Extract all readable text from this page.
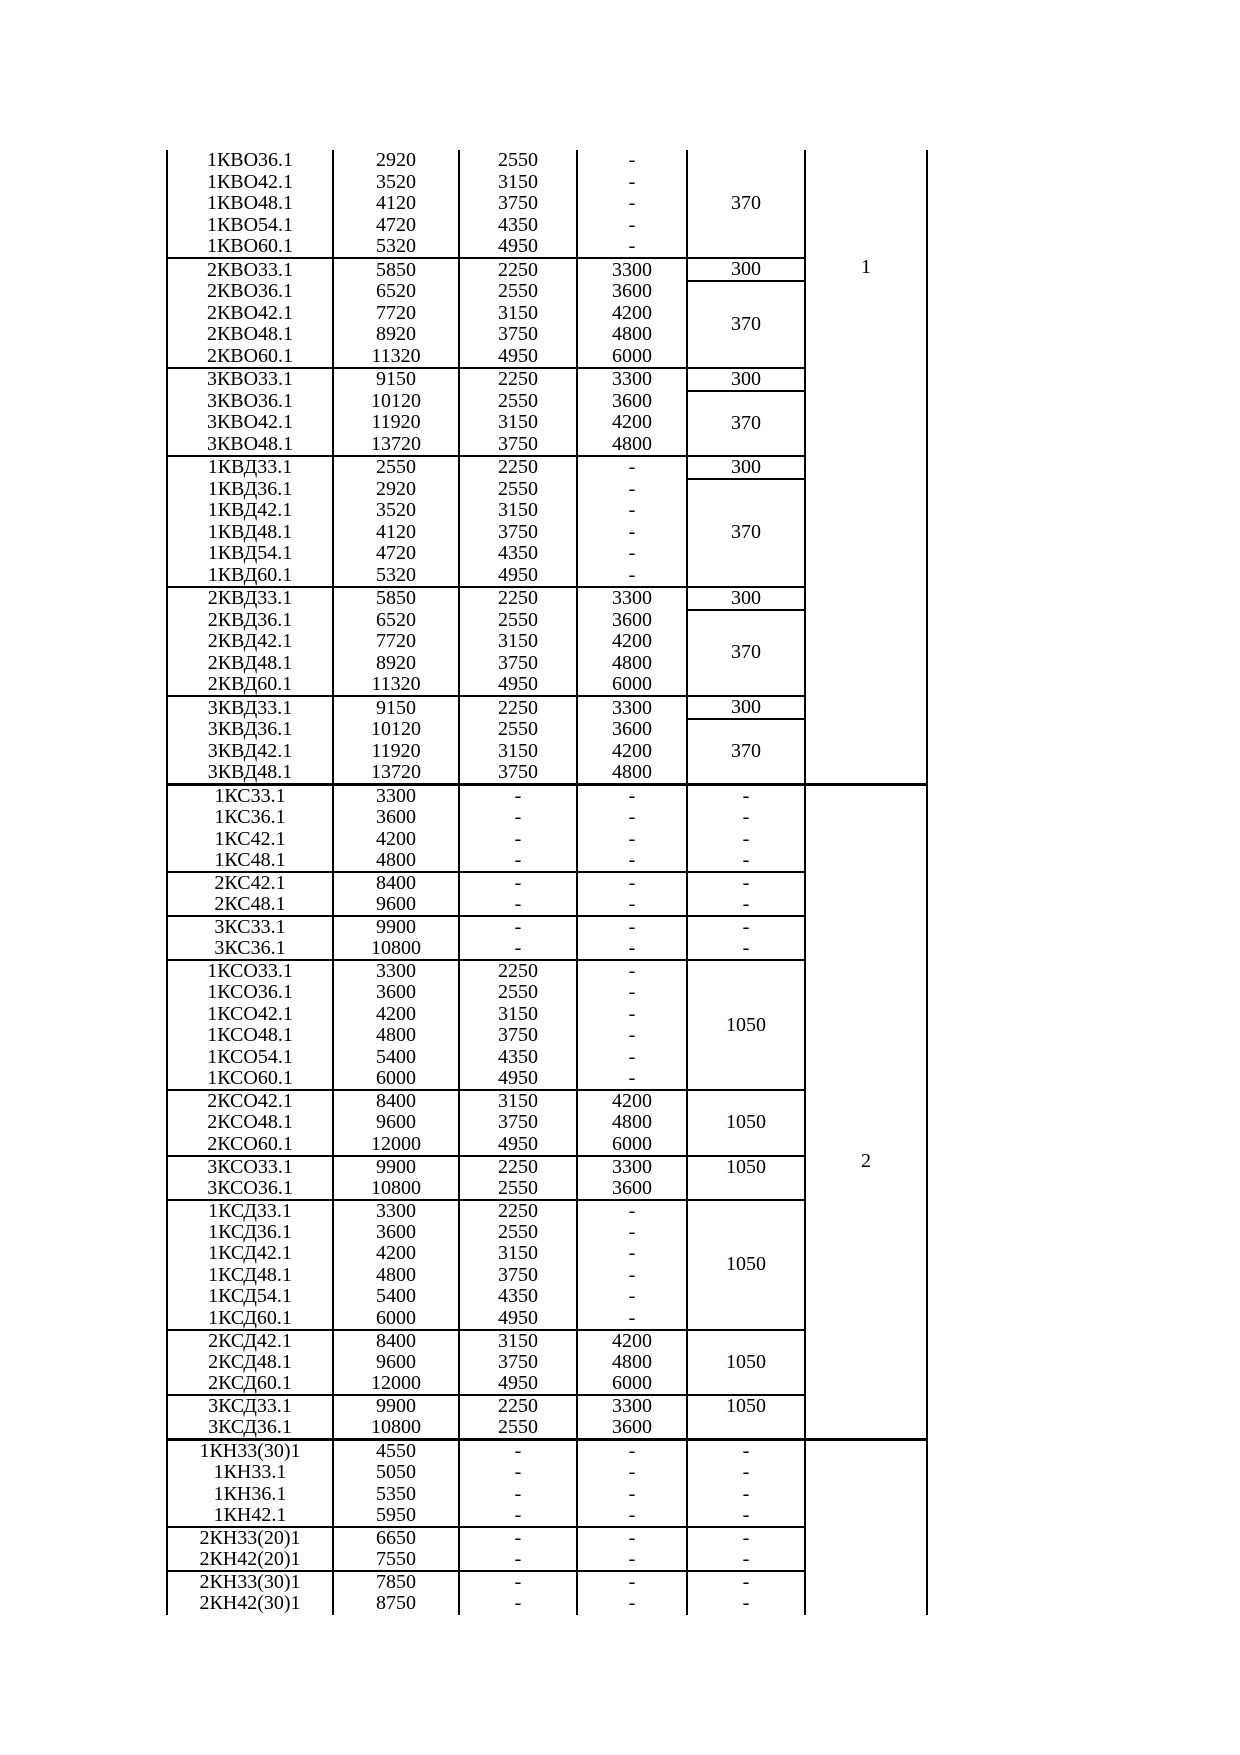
1КВО36.1	2920	2550	-	370	1

1КВО42.1	3520	3150	-		
1КВО48.1	4120	3750	-		
1КВО54.1	4720	4350	-		
1КВО60.1	5320	4950	-		
2КВО33.1	5850	2250	3300	300	
2КВО36.1	6520	2550	3600	370	
2КВО42.1	7720	3150	4200		
2КВО48.1	8920	3750	4800		
2КВО60.1	11320	4950	6000		
3КВО33.1	9150	2250	3300	300	
3КВО36.1	10120	2550	3600	370	
3КВО42.1	11920	3150	4200		
3КВО48.1	13720	3750	4800		
1КВД33.1	2550	2250	-	300	
1КВД36.1	2920	2550	-	370	
1КВД42.1	3520	3150	-		
1КВД48.1	4120	3750	-		
1КВД54.1	4720	4350	-		
1КВД60.1	5320	4950	-		
2КВД33.1	5850	2250	3300	300	
2КВД36.1	6520	2550	3600	370	
2КВД42.1	7720	3150	4200		
2КВД48.1	8920	3750	4800		
2КВД60.1	11320	4950	6000		
3КВД33.1	9150	2250	3300	300	
3КВД36.1	10120	2550	3600	370	
3КВД42.1	11920	3150	4200		
3КВД48.1	13720	3750	4800		
1КС33.1	3300	-	-	-	2

1КС36.1	3600	-	-	-	
1КС42.1	4200	-	-	-	
1КС48.1	4800	-	-	-	
2КС42.1	8400	-	-	-	
2КС48.1	9600	-	-	-	
3КС33.1	9900	-	-	-	
3КС36.1	10800	-	-	-	
1КСО33.1	3300	2250	-	1050	
1КСО36.1	3600	2550	-		
1КСО42.1	4200	3150	-		
1КСО48.1	4800	3750	-		
1КСО54.1	5400	4350	-		
1КСО60.1	6000	4950	-		
2КСО42.1	8400	3150	4200	1050	
2КСО48.1	9600	3750	4800		
2КСО60.1	12000	4950	6000		
3КСО33.1	9900	2250	3300	1050	
3КСО36.1	10800	2550	3600		
1КСД33.1	3300	2250	-	1050	
1КСД36.1	3600	2550	-		
1КСД42.1	4200	3150	-		
1КСД48.1	4800	3750	-		
1КСД54.1	5400	4350	-		
1КСД60.1	6000	4950	-		
2КСД42.1	8400	3150	4200	1050	
2КСД48.1	9600	3750	4800		
2КСД60.1	12000	4950	6000		
3КСД33.1	9900	2250	3300	1050	
3КСД36.1	10800	2550	3600		
1КН33(30)1	4550	-	-	-	
1КН33.1	5050	-	-	-	
1КН36.1	5350	-	-	-	
1КН42.1	5950	-	-	-	
2КН33(20)1	6650	-	-	-	
2КН42(20)1	7550	-	-	-	
2КН33(30)1	7850	-	-	-	
2КН42(30)1	8750	-	-	-	
